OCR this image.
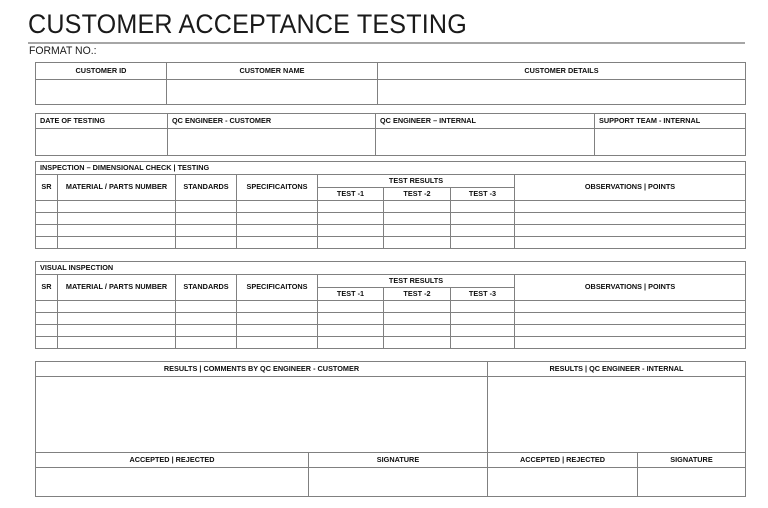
CUSTOMER ACCEPTANCE TESTING
FORMAT NO.:
CUSTOMER ID	CUSTOMER NAME	CUSTOMER DETAILS

DATE OF TESTING	QC ENGINEER - CUSTOMER	QC ENGINEER – INTERNAL	SUPPORT TEAM - INTERNAL

INSPECTION – DIMENSIONAL CHECK | TESTING							

SR	MATERIAL / PARTS NUMBER	STANDARDS	SPECIFICAITONS	TEST RESULTS			OBSERVATIONS | POINTS

				TEST -1	TEST -2	TEST -3	

VISUAL INSPECTION							

SR	MATERIAL / PARTS NUMBER	STANDARDS	SPECIFICAITONS	TEST RESULTS			OBSERVATIONS | POINTS

				TEST -1	TEST -2	TEST -3	

RESULTS | COMMENTS BY QC ENGINEER - CUSTOMER		RESULTS | QC ENGINEER - INTERNAL	

ACCEPTED | REJECTED	SIGNATURE	ACCEPTED | REJECTED	SIGNATURE
